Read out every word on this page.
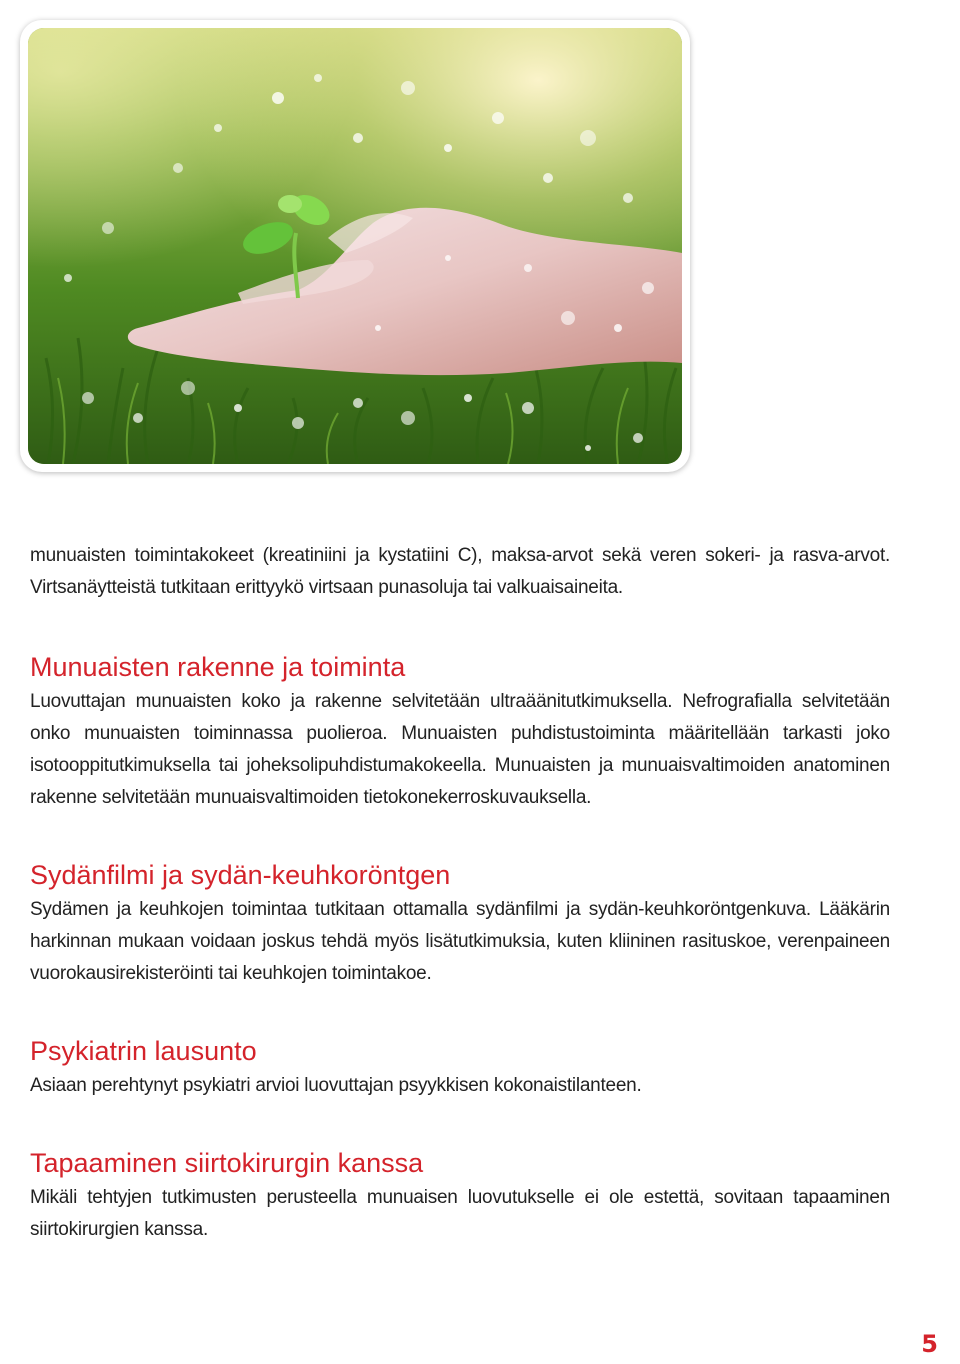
munuaisten toimintakokeet (kreatiniini ja kystatiini C), maksa-arvot sekä veren sokeri- ja rasva-arvot. Virtsanäytteistä tutkitaan erittyykö virtsaan punasoluja tai valkuaisaineita.

Munuaisten rakenne ja toiminta

Luovuttajan munuaisten koko ja rakenne selvitetään ultraäänitutkimuksella. Nefrografialla selvitetään onko munuaisten toiminnassa puolieroa. Munuaisten puhdistustoiminta määritellään tarkasti joko isotooppitutkimuksella tai joheksolipuhdistumakokeella. Munuaisten ja munuaisvaltimoiden anatominen rakenne selvitetään munuaisvaltimoiden tietokonekerroskuvauksella.

Sydänfilmi ja sydän-keuhkoröntgen

Sydämen ja keuhkojen toimintaa tutkitaan ottamalla sydänfilmi ja sydän-keuhkoröntgenkuva. Lääkärin harkinnan mukaan voidaan joskus tehdä myös lisätutkimuksia, kuten kliininen rasituskoe, verenpaineen vuorokausirekisteröinti tai keuhkojen toimintakoe.

Psykiatrin lausunto

Asiaan perehtynyt psykiatri arvioi luovuttajan psyykkisen kokonaistilanteen.

Tapaaminen siirtokirurgin kanssa

Mikäli tehtyjen tutkimusten perusteella munuaisen luovutukselle ei ole estettä, sovitaan tapaaminen siirtokirurgien kanssa.

5
